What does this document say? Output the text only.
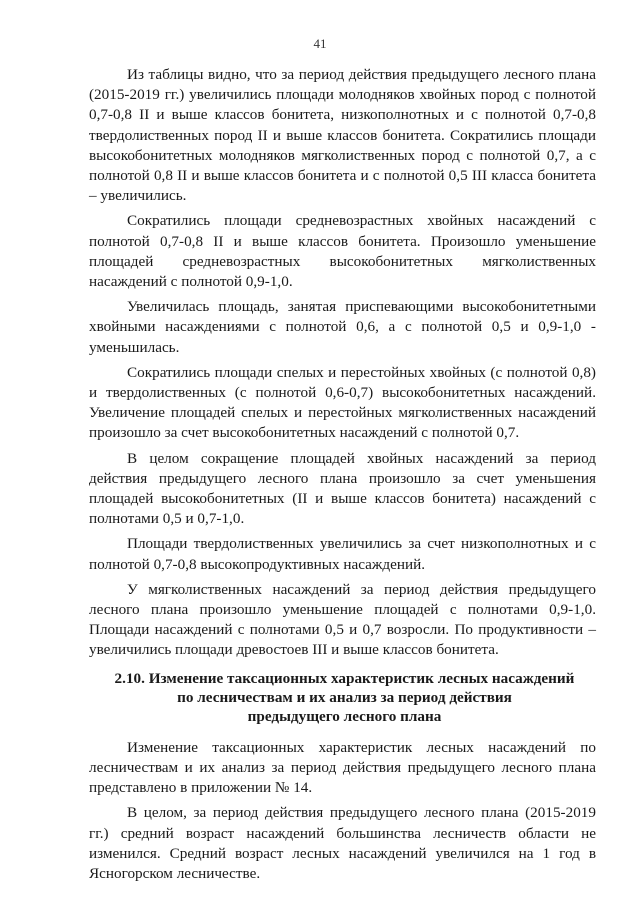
41

Из таблицы видно, что за период действия предыдущего лесного плана (2015-2019 гг.) увеличились площади молодняков хвойных пород с полнотой 0,7-0,8 II и выше классов бонитета, низкополнотных и с полнотой 0,7-0,8 твердолиственных пород II и выше классов бонитета. Сократились площади высокобонитетных молодняков мягколиственных пород с полнотой 0,7, а с полнотой 0,8 II и выше классов бонитета и с полнотой 0,5 III класса бонитета – увеличились.

Сократились площади средневозрастных хвойных насаждений с полнотой 0,7-0,8 II и выше классов бонитета. Произошло уменьшение площадей средневозрастных высокобонитетных мягколиственных насаждений с полнотой 0,9-1,0.

Увеличилась площадь, занятая приспевающими высокобонитетными хвойными насаждениями с полнотой 0,6, а с полнотой 0,5 и 0,9-1,0 - уменьшилась.

Сократились площади спелых и перестойных хвойных (с полнотой 0,8) и твердолиственных (с полнотой 0,6-0,7) высокобонитетных насаждений. Увеличение площадей спелых и перестойных мягколиственных насаждений произошло за счет высокобонитетных насаждений с полнотой 0,7.

В целом сокращение площадей хвойных насаждений за период действия предыдущего лесного плана произошло за счет уменьшения площадей высокобонитетных (II и выше классов бонитета) насаждений с полнотами 0,5 и 0,7-1,0.

Площади твердолиственных увеличились за счет низкополнотных и с полнотой 0,7-0,8 высокопродуктивных насаждений.

У мягколиственных насаждений за период действия предыдущего лесного плана произошло уменьшение площадей с полнотами 0,9-1,0. Площади насаждений с полнотами 0,5 и 0,7 возросли. По продуктивности – увеличились площади древостоев III и выше классов бонитета.

2.10. Изменение таксационных характеристик лесных насаждений
по лесничествам и их анализ за период действия
предыдущего лесного плана

Изменение таксационных характеристик лесных насаждений по лесничествам и их анализ за период действия предыдущего лесного плана представлено в приложении № 14.

В целом, за период действия предыдущего лесного плана (2015-2019 гг.) средний возраст насаждений большинства лесничеств области не изменился. Средний возраст лесных насаждений увеличился на 1 год в Ясногорском лесничестве.
